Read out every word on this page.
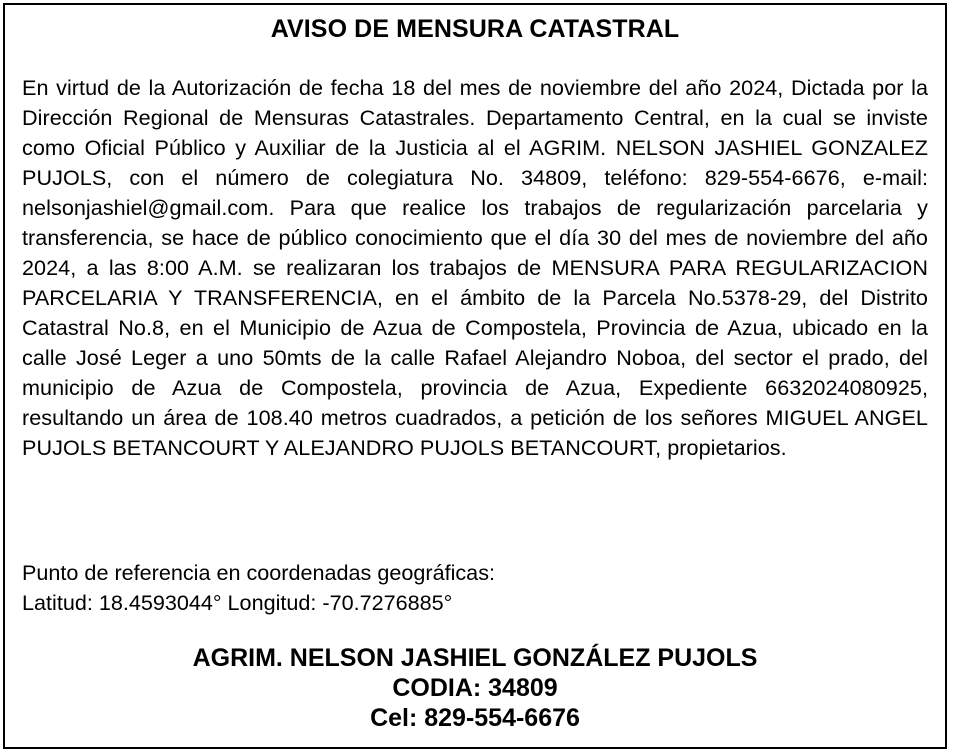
AVISO DE MENSURA CATASTRAL
En virtud de la Autorización de fecha 18 del mes de noviembre del año 2024, Dictada por la Dirección Regional de Mensuras Catastrales. Departamento Central, en la cual se inviste como Oficial Público y Auxiliar de la Justicia al el AGRIM. NELSON JASHIEL GONZALEZ PUJOLS, con el número de colegiatura No. 34809, teléfono: 829-554-6676, e-mail: nelsonjashiel@gmail.com. Para que realice los trabajos de regularización parcelaria y transferencia, se hace de público conocimiento que el día 30 del mes de noviembre del año 2024, a las 8:00 A.M. se realizaran los trabajos de MENSURA PARA REGULARIZACION PARCELARIA Y TRANSFERENCIA, en el ámbito de la Parcela No.5378-29, del Distrito Catastral No.8, en el Municipio de Azua de Compostela, Provincia de Azua, ubicado en la calle José Leger a uno 50mts de la calle Rafael Alejandro Noboa, del sector el prado, del municipio de Azua de Compostela, provincia de Azua, Expediente 6632024080925, resultando un área de 108.40 metros cuadrados, a petición de los señores MIGUEL ANGEL PUJOLS BETANCOURT Y ALEJANDRO PUJOLS BETANCOURT, propietarios.
Punto de referencia en coordenadas geográficas:
Latitud: 18.4593044° Longitud: -70.7276885°
AGRIM. NELSON JASHIEL GONZÁLEZ PUJOLS
CODIA: 34809
Cel: 829-554-6676
